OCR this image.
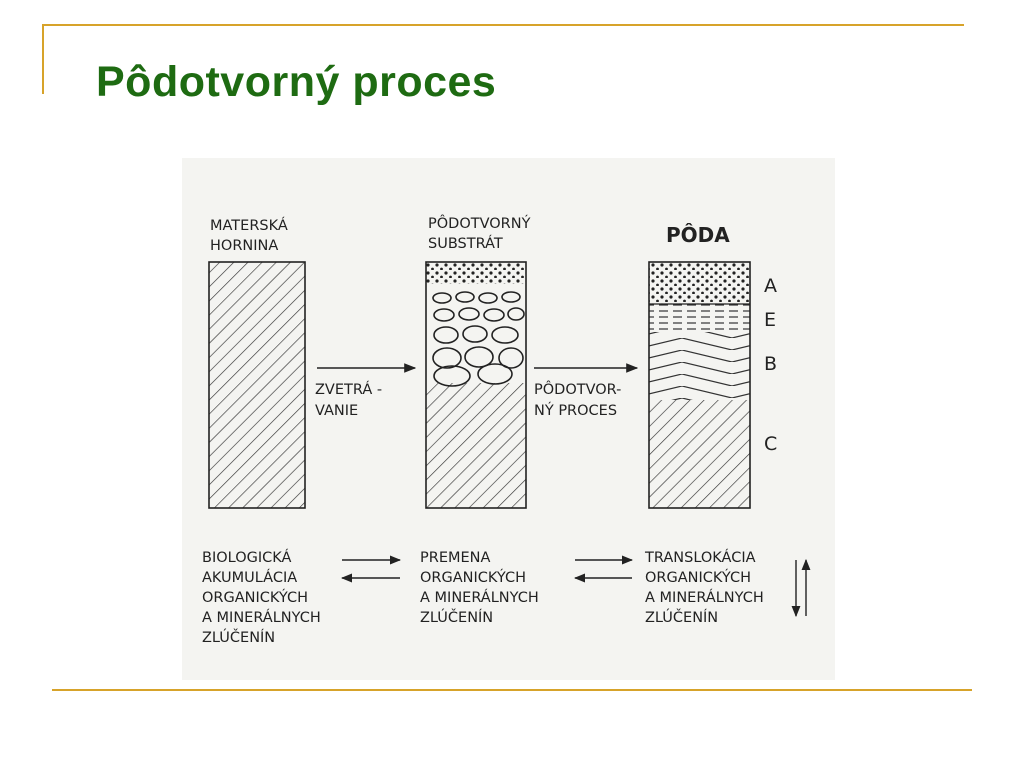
Pôdotvorný proces
MATERSKÁ
HORNINA
ZVETRÁ -
VANIE
PÔDOTVORNÝ
SUBSTRÁT
PÔDOTVOR-
NÝ PROCES
PÔDA
A
E
B
C
BIOLOGICKÁ
AKUMULÁCIA
ORGANICKÝCH
A MINERÁLNYCH
ZLÚČENÍN
PREMENA
ORGANICKÝCH
A MINERÁLNYCH
ZLÚČENÍN
TRANSLOKÁCIA
ORGANICKÝCH
A MINERÁLNYCH
ZLÚČENÍN
